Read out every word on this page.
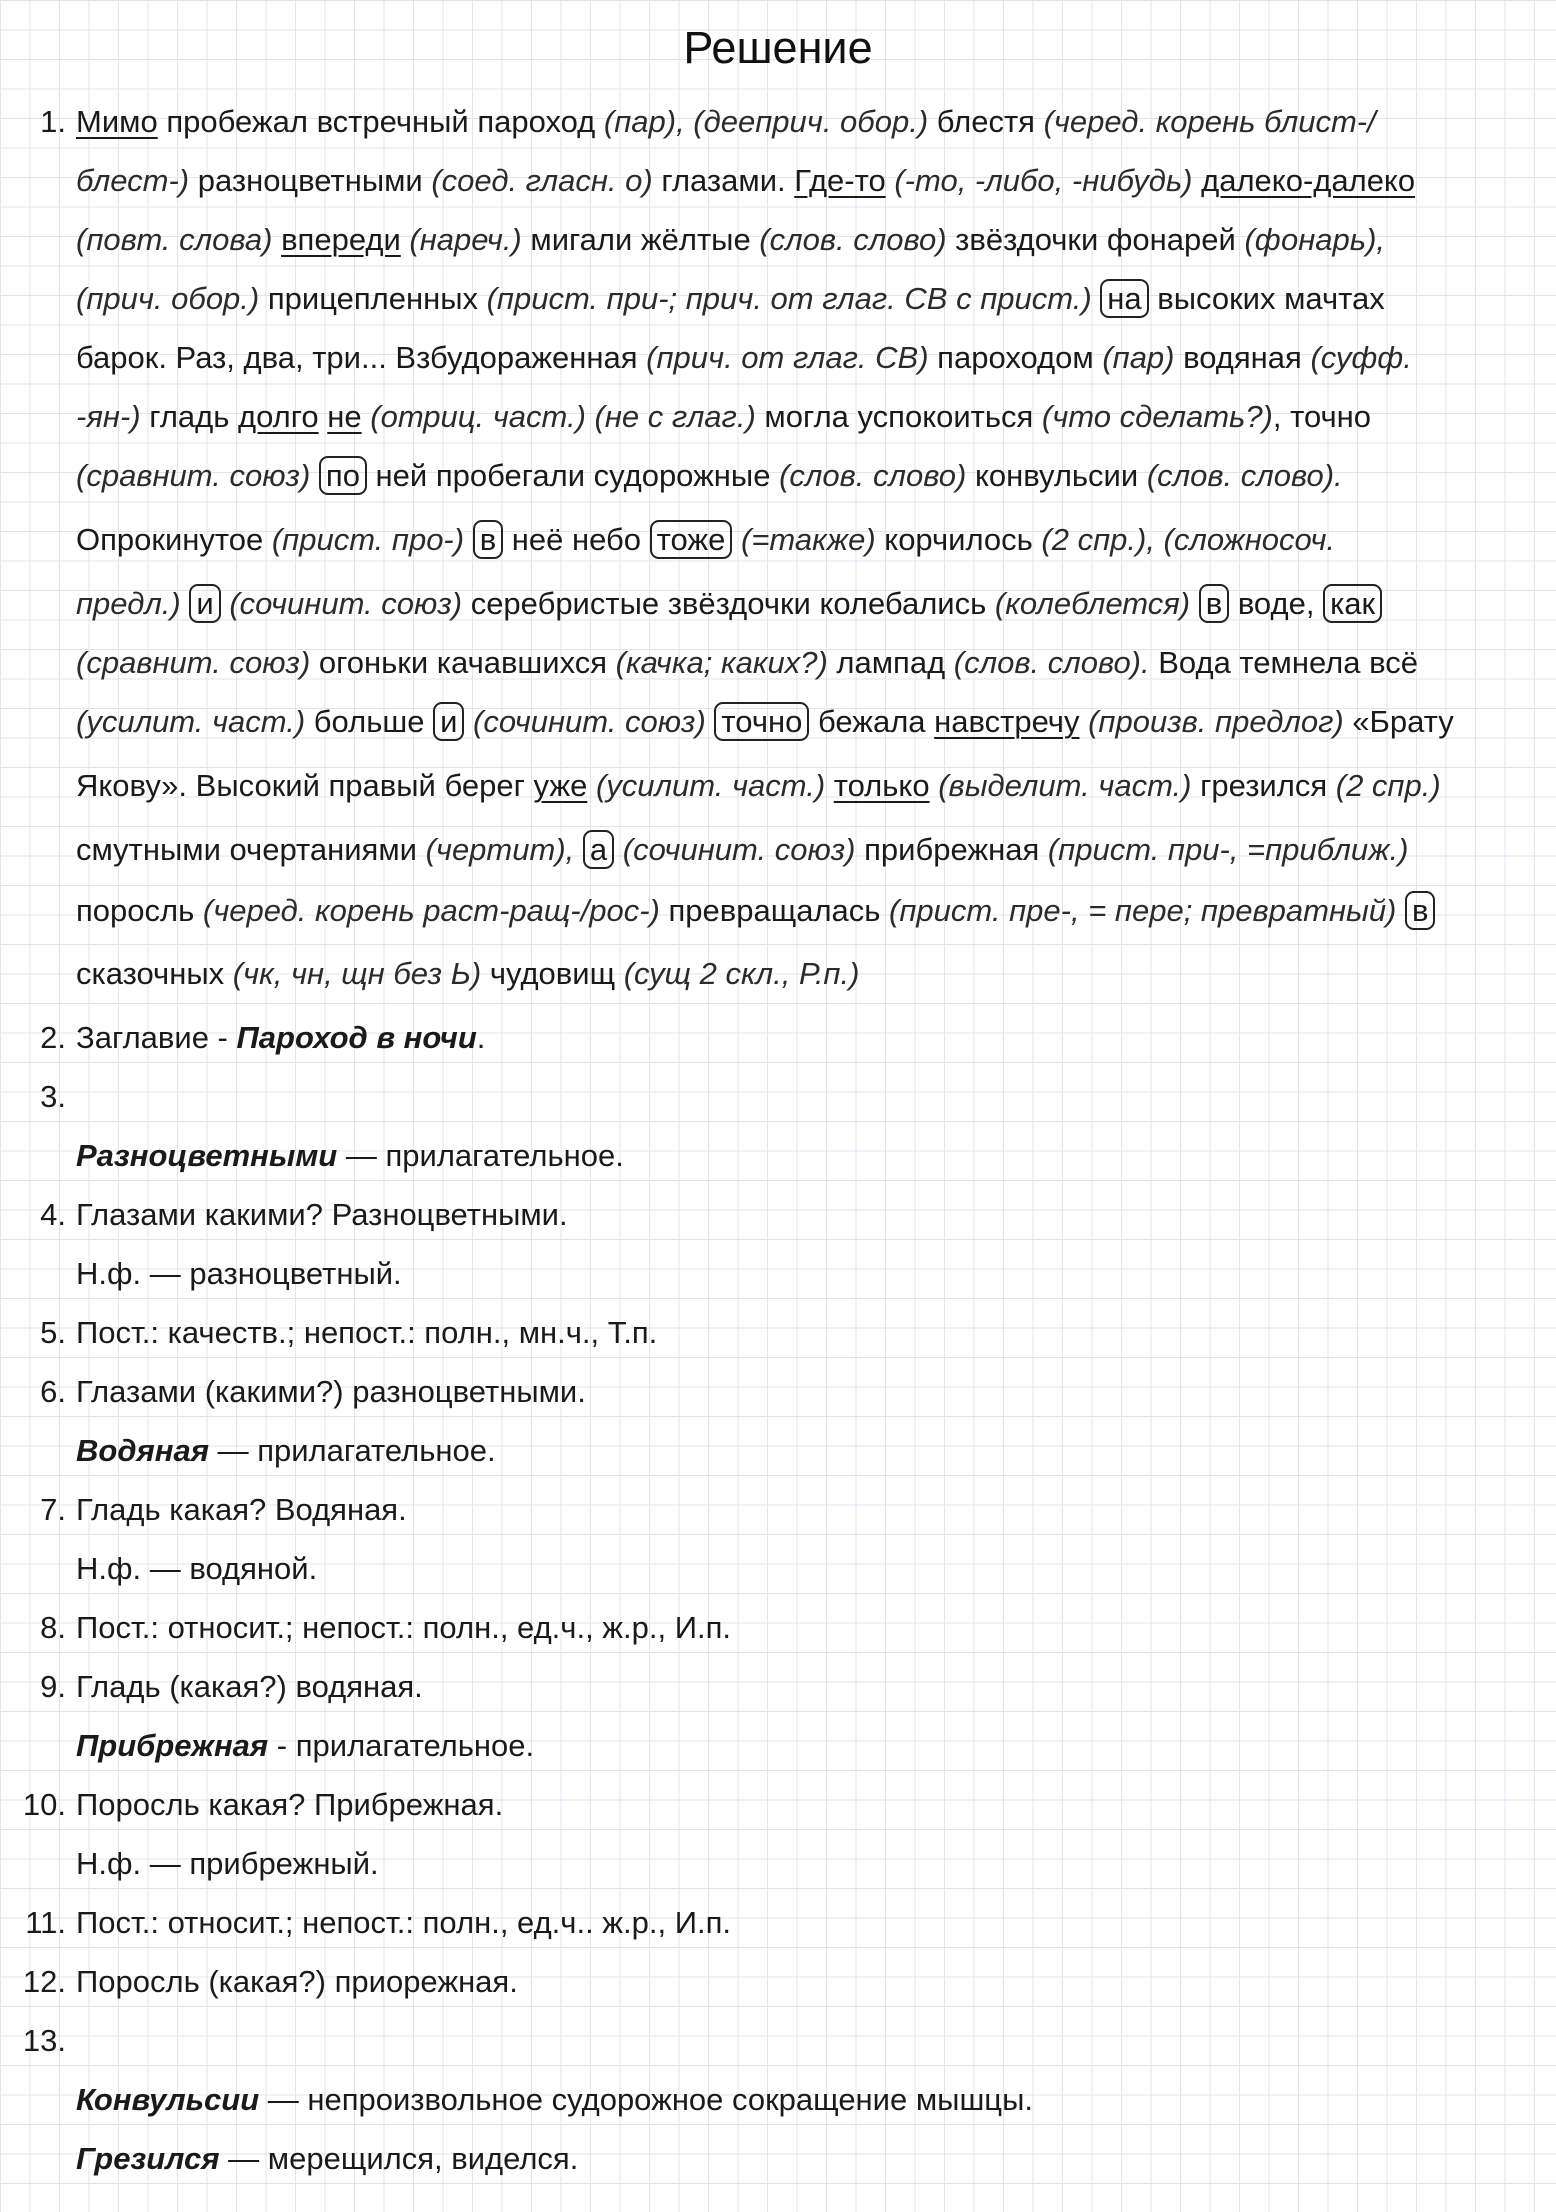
Решение
1.
2.
3.
4.
5.
6.
7.
8.
9.
10.
11.
12.
13.
Мимо пробежал встречный пароход (пар), (дееприч. обор.) блестя (черед. корень блист-/
блест-) разноцветными (соед. гласн. о) глазами. Где-то (-то, -либо, -нибудь) далеко-далеко
(повт. слова) впереди (нареч.) мигали жёлтые (слов. слово) звёздочки фонарей (фонарь),
(прич. обор.) прицепленных (прист. при-; прич. от глаг. СВ с прист.) на высоких мачтах
барок. Раз, два, три... Взбудораженная (прич. от глаг. СВ) пароходом (пар) водяная (суфф.
-ян-) гладь долго не (отриц. част.) (не с глаг.) могла успокоиться (что сделать?), точно
(сравнит. союз) по ней пробегали судорожные (слов. слово) конвульсии (слов. слово).
Опрокинутое (прист. про-) в неё небо тоже (=также) корчилось (2 спр.), (сложносоч.
предл.) и (сочинит. союз) серебристые звёздочки колебались (колеблется) в воде, как
(сравнит. союз) огоньки качавшихся (качка; каких?) лампад (слов. слово). Вода темнела всё
(усилит. част.) больше и (сочинит. союз) точно бежала навстречу (произв. предлог) «Брату
Якову». Высокий правый берег уже (усилит. част.) только (выделит. част.) грезился (2 спр.)
смутными очертаниями (чертит), а (сочинит. союз) прибрежная (прист. при-, =приближ.)
поросль (черед. корень раст-ращ-/рос-) превращалась (прист. пре-, = пере; превратный) в
сказочных (чк, чн, щн без Ь) чудовищ (сущ 2 скл., Р.п.)
Заглавие - Пароход в ночи.
Разноцветными — прилагательное.
Глазами какими? Разноцветными.
Н.ф. — разноцветный.
Пост.: качеств.; непост.: полн., мн.ч., Т.п.
Глазами (какими?) разноцветными.
Водяная — прилагательное.
Гладь какая? Водяная.
Н.ф. — водяной.
Пост.: относит.; непост.: полн., ед.ч., ж.р., И.п.
Гладь (какая?) водяная.
Прибрежная - прилагательное.
Поросль какая? Прибрежная.
Н.ф. — прибрежный.
Пост.: относит.; непост.: полн., ед.ч.. ж.р., И.п.
Поросль (какая?) приорежная.
Конвульсии — непроизвольное судорожное сокращение мышцы.
Грезился — мерещился, виделся.
